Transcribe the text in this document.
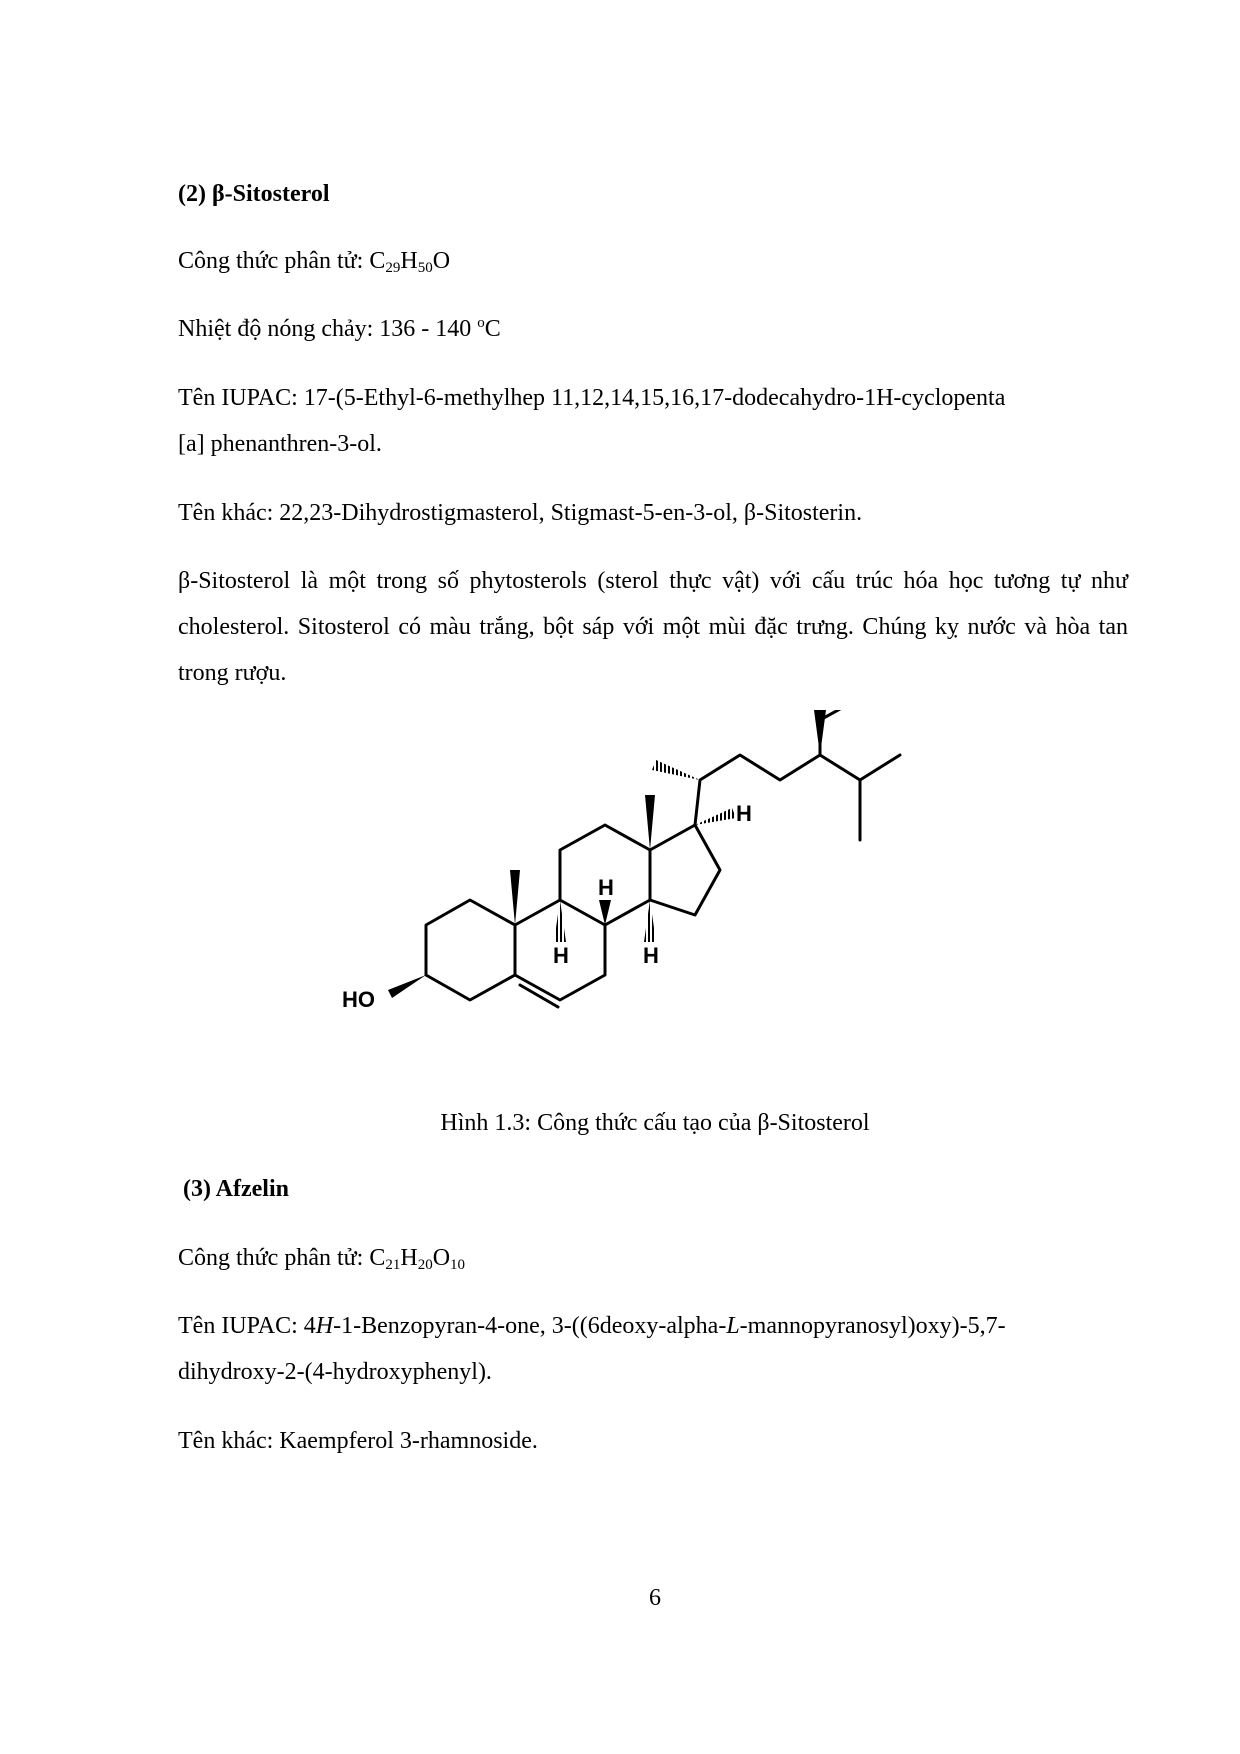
(2) β-Sitosterol
Công thức phân tử: $C_{29}H_{50}O$
Nhiệt độ nóng chảy: 136 - 140 $^o$C
Tên IUPAC: 17-(5-Ethyl-6-methylhep 11,12,14,15,16,17-dodecahydro-1H-cyclopenta
[a] phenanthren-3-ol.
Tên khác: 22,23-Dihydrostigmasterol, Stigmast-5-en-3-ol, β-Sitosterin.
β-Sitosterol là một trong số phytosterols (sterol thực vật) với cấu trúc hóa học tương tự như cholesterol. Sitosterol có màu trắng, bột sáp với một mùi đặc trưng. Chúng kỵ nước và hòa tan trong rượu.
HO
H
H
H	H
Hình 1.3: Công thức cấu tạo của β-Sitosterol
(3) Afzelin
Công thức phân tử: $C_{21}H_{20}O_{10}$
Tên IUPAC: 4H-1-Benzopyran-4-one, 3-((6deoxy-alpha-L-mannopyranosyl)oxy)-5,7-
dihydroxy-2-(4-hydroxyphenyl).
Tên khác: Kaempferol 3-rhamnoside.
6
